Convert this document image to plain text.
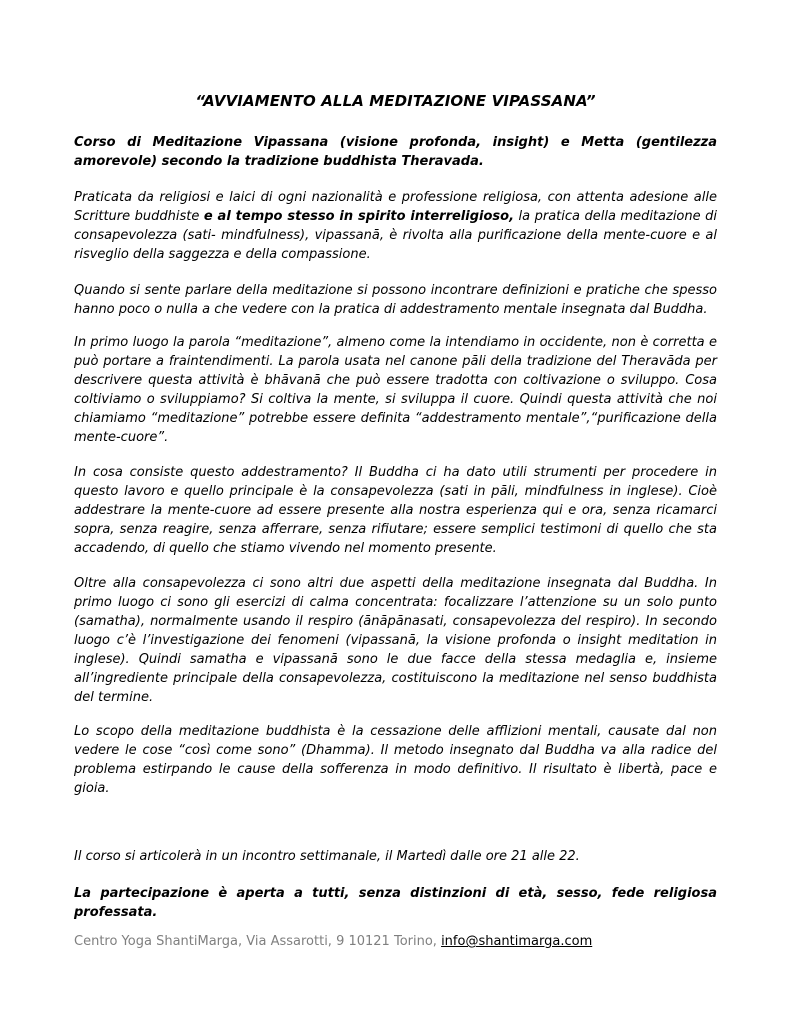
“AVVIAMENTO ALLA MEDITAZIONE VIPASSANA”

Corso di Meditazione Vipassana (visione profonda, insight) e Metta (gentilezza amorevole) secondo la tradizione buddhista Theravada.

Praticata da religiosi e laici di ogni nazionalità e professione religiosa, con attenta adesione alle Scritture buddhiste e al tempo stesso in spirito interreligioso, la pratica della meditazione di consapevolezza (sati- mindfulness), vipassanā, è rivolta alla purificazione della mente-cuore e al risveglio della saggezza e della compassione.

Quando si sente parlare della meditazione si possono incontrare definizioni e pratiche che spesso hanno poco o nulla a che vedere con la pratica di addestramento mentale insegnata dal Buddha.

In primo luogo la parola “meditazione”, almeno come la intendiamo in occidente, non è corretta e può portare a fraintendimenti. La parola usata nel canone pāli della tradizione del Theravāda per descrivere questa attività è bhāvanā che può essere tradotta con coltivazione o sviluppo. Cosa coltiviamo o sviluppiamo? Si coltiva la mente, si sviluppa il cuore. Quindi questa attività che noi chiamiamo “meditazione” potrebbe essere definita “addestramento mentale”,“purificazione della mente-cuore”.

In cosa consiste questo addestramento? Il Buddha ci ha dato utili strumenti per procedere in questo lavoro e quello principale è la consapevolezza (sati in pāli, mindfulness in inglese). Cioè addestrare la mente-cuore ad essere presente alla nostra esperienza qui e ora, senza ricamarci sopra, senza reagire, senza afferrare, senza rifiutare; essere semplici testimoni di quello che sta accadendo, di quello che stiamo vivendo nel momento presente.

Oltre alla consapevolezza ci sono altri due aspetti della meditazione insegnata dal Buddha. In primo luogo ci sono gli esercizi di calma concentrata: focalizzare l’attenzione su un solo punto (samatha), normalmente usando il respiro (ānāpānasati, consapevolezza del respiro). In secondo luogo c’è l’investigazione dei fenomeni (vipassanā, la visione profonda o insight meditation in inglese). Quindi samatha e vipassanā sono le due facce della stessa medaglia e, insieme all’ingrediente principale della consapevolezza, costituiscono la meditazione nel senso buddhista del termine.

Lo scopo della meditazione buddhista è la cessazione delle afflizioni mentali, causate dal non vedere le cose “così come sono” (Dhamma). Il metodo insegnato dal Buddha va alla radice del problema estirpando le cause della sofferenza in modo definitivo. Il risultato è libertà, pace e gioia.

Il corso si articolerà in un incontro settimanale, il Martedì dalle ore 21 alle 22.

La partecipazione è aperta a tutti, senza distinzioni di età, sesso, fede religiosa professata.

Centro Yoga ShantiMarga, Via Assarotti, 9 10121 Torino, info@shantimarga.com
